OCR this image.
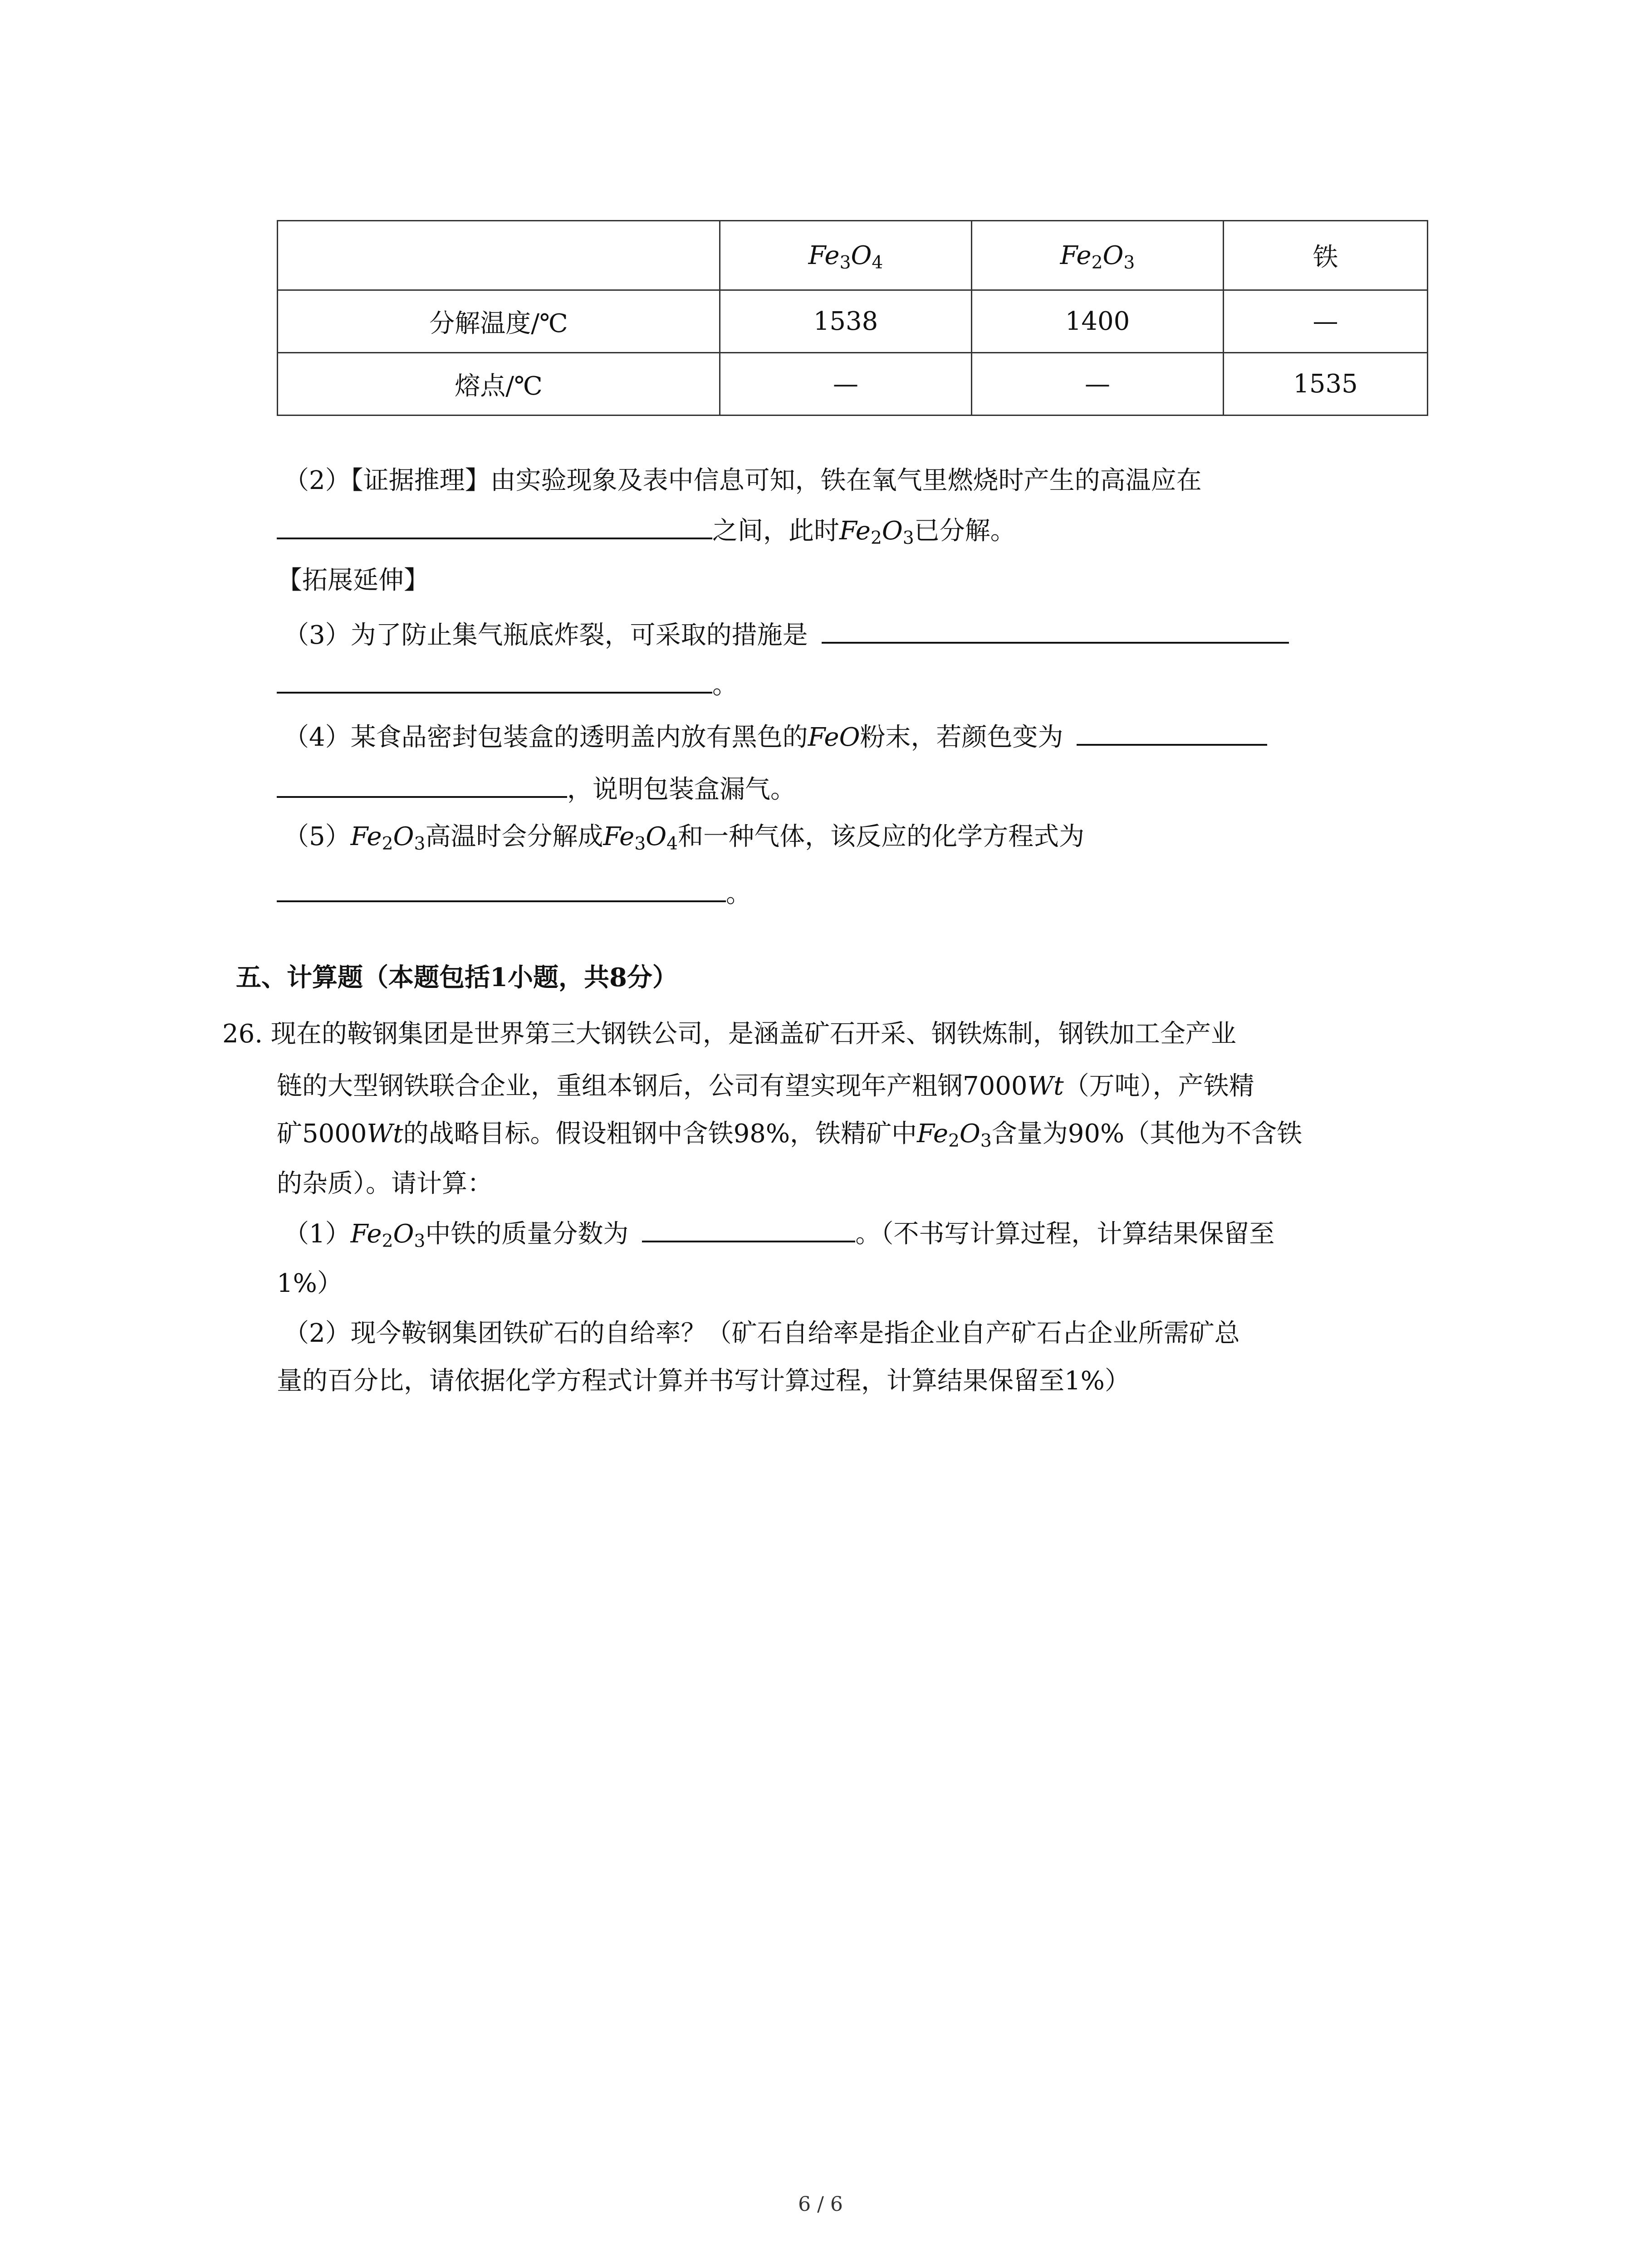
	$Fe_3O_4$	$Fe_2O_3$	铁
分解温度/℃	1538	1400	—
熔点/℃	—	—	1535
（2）【证据推理】由实验现象及表中信息可知，铁在氧气里燃烧时产生的高温应在
之间，此时$Fe_2O_3$已分解。
【拓展延伸】
（3）为了防止集气瓶底炸裂，可采取的措施是
。
（4）某食品密封包装盒的透明盖内放有黑色的FeO粉末，若颜色变为
，说明包装盒漏气。
$(5)Fe_2O_3$高温时会分解成$Fe_3O_4$和一种气体，该反应的化学方程式为
。
五、计算题（本题包括1小题，共8分）
26. 现在的鞍钢集团是世界第三大钢铁公司，是涵盖矿石开采、钢铁炼制，钢铁加工全产业
链的大型钢铁联合企业，重组本钢后，公司有望实现年产粗钢7000Wt（万吨），产铁精
矿5000Wt的战略目标。假设粗钢中含铁98%，铁精矿中$Fe_2O_3$含量为90%（其他为不含铁
的杂质）。请计算：
$(1)Fe_2O_3$中铁的质量分数为	。（不书写计算过程，计算结果保留至
1%）
（2）现今鞍钢集团铁矿石的自给率？（矿石自给率是指企业自产矿石占企业所需矿总
量的百分比，请依据化学方程式计算并书写计算过程，计算结果保留至1%）
6 / 6
